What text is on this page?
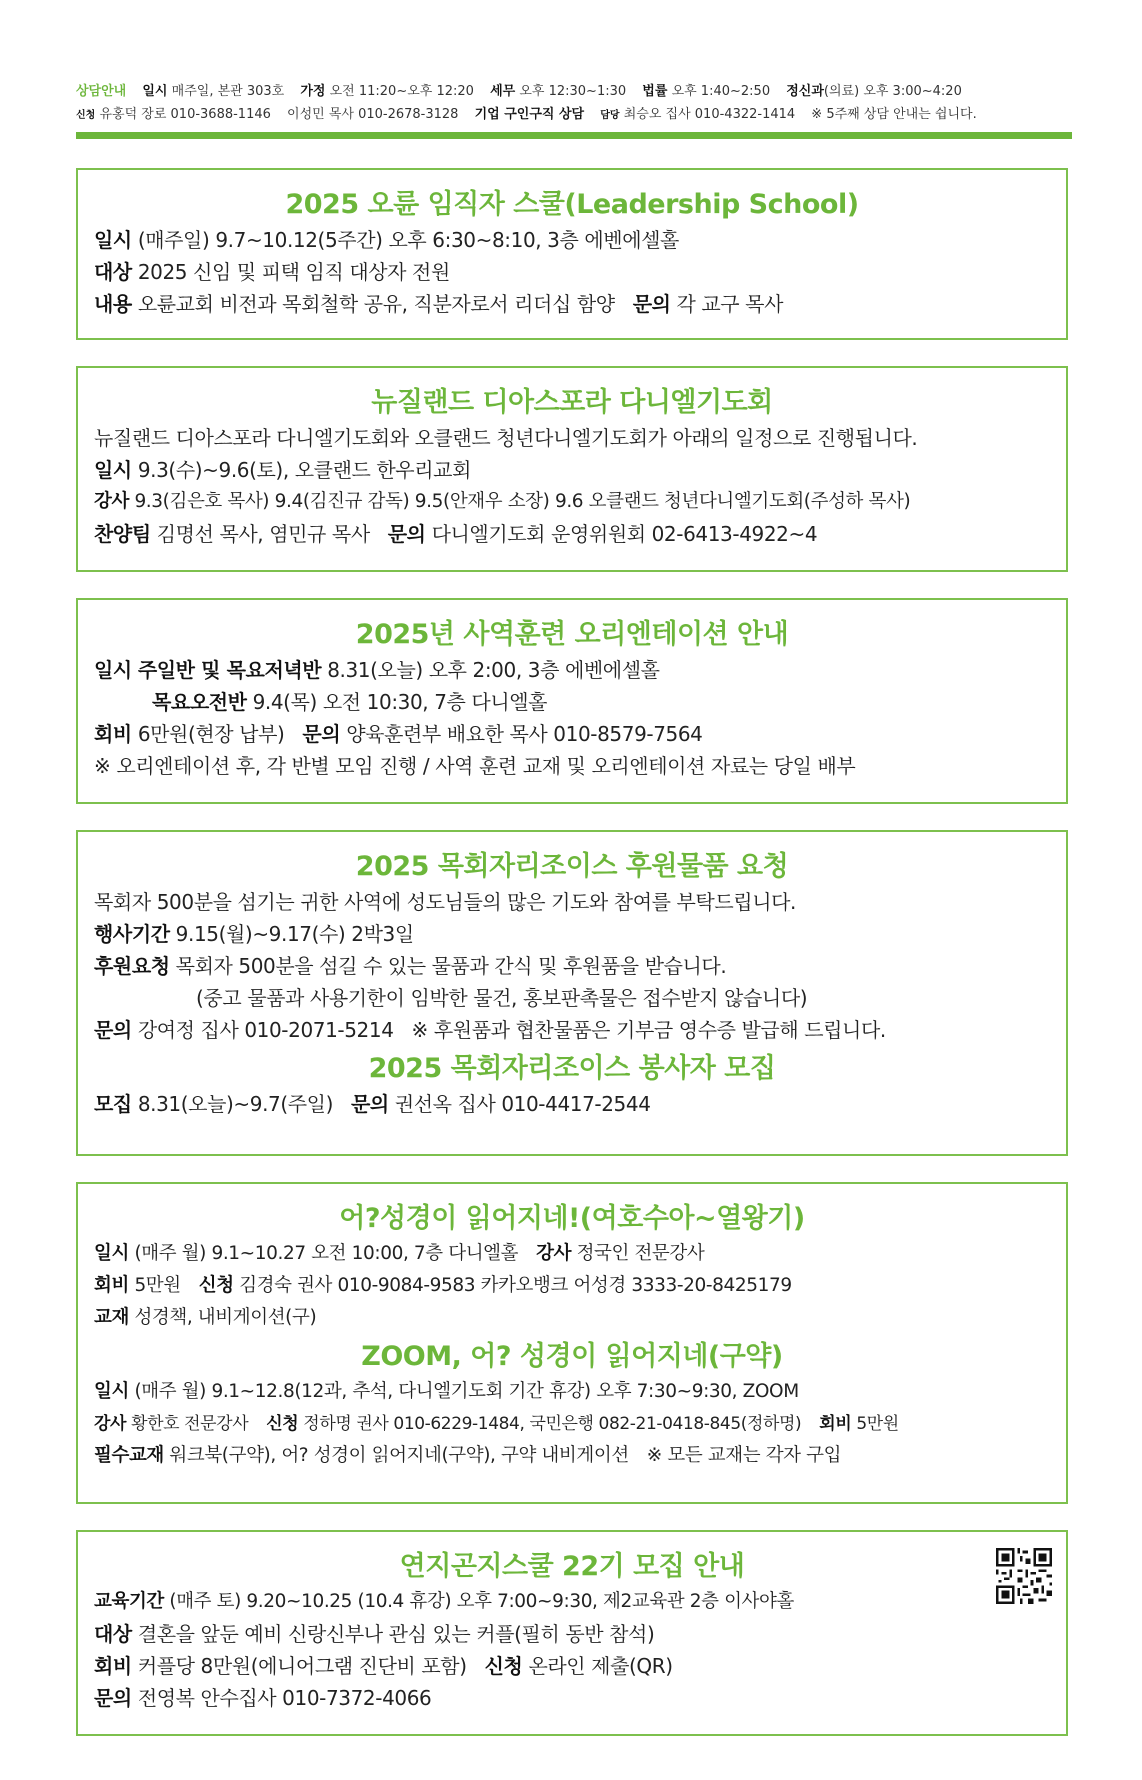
상담안내 일시 매주일, 본관 303호 가정 오전 11:20~오후 12:20 세무 오후 12:30~1:30 법률 오후 1:40~2:50 정신과(의료) 오후 3:00~4:20
신청 유홍덕 장로 010-3688-1146 이성민 목사 010-2678-3128 기업 구인구직 상담 담당 최승오 집사 010-4322-1414 ※ 5주째 상담 안내는 쉽니다.
2025 오륜 임직자 스쿨(Leadership School)
일시 (매주일) 9.7~10.12(5주간) 오후 6:30~8:10, 3층 에벤에셀홀
대상 2025 신임 및 피택 임직 대상자 전원
내용 오륜교회 비전과 목회철학 공유, 직분자로서 리더십 함양 문의 각 교구 목사
뉴질랜드 디아스포라 다니엘기도회
뉴질랜드 디아스포라 다니엘기도회와 오클랜드 청년다니엘기도회가 아래의 일정으로 진행됩니다.
일시 9.3(수)~9.6(토), 오클랜드 한우리교회
강사 9.3(김은호 목사) 9.4(김진규 감독) 9.5(안재우 소장) 9.6 오클랜드 청년다니엘기도회(주성하 목사)
찬양팀 김명선 목사, 염민규 목사 문의 다니엘기도회 운영위원회 02-6413-4922~4
2025년 사역훈련 오리엔테이션 안내
일시 주일반 및 목요저녁반 8.31(오늘) 오후 2:00, 3층 에벤에셀홀
목요오전반 9.4(목) 오전 10:30, 7층 다니엘홀
회비 6만원(현장 납부) 문의 양육훈련부 배요한 목사 010-8579-7564
※ 오리엔테이션 후, 각 반별 모임 진행 / 사역 훈련 교재 및 오리엔테이션 자료는 당일 배부
2025 목회자리조이스 후원물품 요청
목회자 500분을 섬기는 귀한 사역에 성도님들의 많은 기도와 참여를 부탁드립니다.
행사기간 9.15(월)~9.17(수) 2박3일
후원요청 목회자 500분을 섬길 수 있는 물품과 간식 및 후원품을 받습니다.
(중고 물품과 사용기한이 임박한 물건, 홍보판촉물은 접수받지 않습니다)
문의 강여정 집사 010-2071-5214 ※ 후원품과 협찬물품은 기부금 영수증 발급해 드립니다.
2025 목회자리조이스 봉사자 모집
모집 8.31(오늘)~9.7(주일) 문의 권선옥 집사 010-4417-2544
어?성경이 읽어지네!(여호수아~열왕기)
일시 (매주 월) 9.1~10.27 오전 10:00, 7층 다니엘홀 강사 정국인 전문강사
회비 5만원 신청 김경숙 권사 010-9084-9583 카카오뱅크 어성경 3333-20-8425179
교재 성경책, 내비게이션(구)
ZOOM, 어? 성경이 읽어지네(구약)
일시 (매주 월) 9.1~12.8(12과, 추석, 다니엘기도회 기간 휴강) 오후 7:30~9:30, ZOOM
강사 황한호 전문강사 신청 정하명 권사 010-6229-1484, 국민은행 082-21-0418-845(정하명) 회비 5만원
필수교재 워크북(구약), 어? 성경이 읽어지네(구약), 구약 내비게이션 ※ 모든 교재는 각자 구입
연지곤지스쿨 22기 모집 안내
교육기간 (매주 토) 9.20~10.25 (10.4 휴강) 오후 7:00~9:30, 제2교육관 2층 이사야홀
대상 결혼을 앞둔 예비 신랑신부나 관심 있는 커플(필히 동반 참석)
회비 커플당 8만원(에니어그램 진단비 포함) 신청 온라인 제출(QR)
문의 전영복 안수집사 010-7372-4066
